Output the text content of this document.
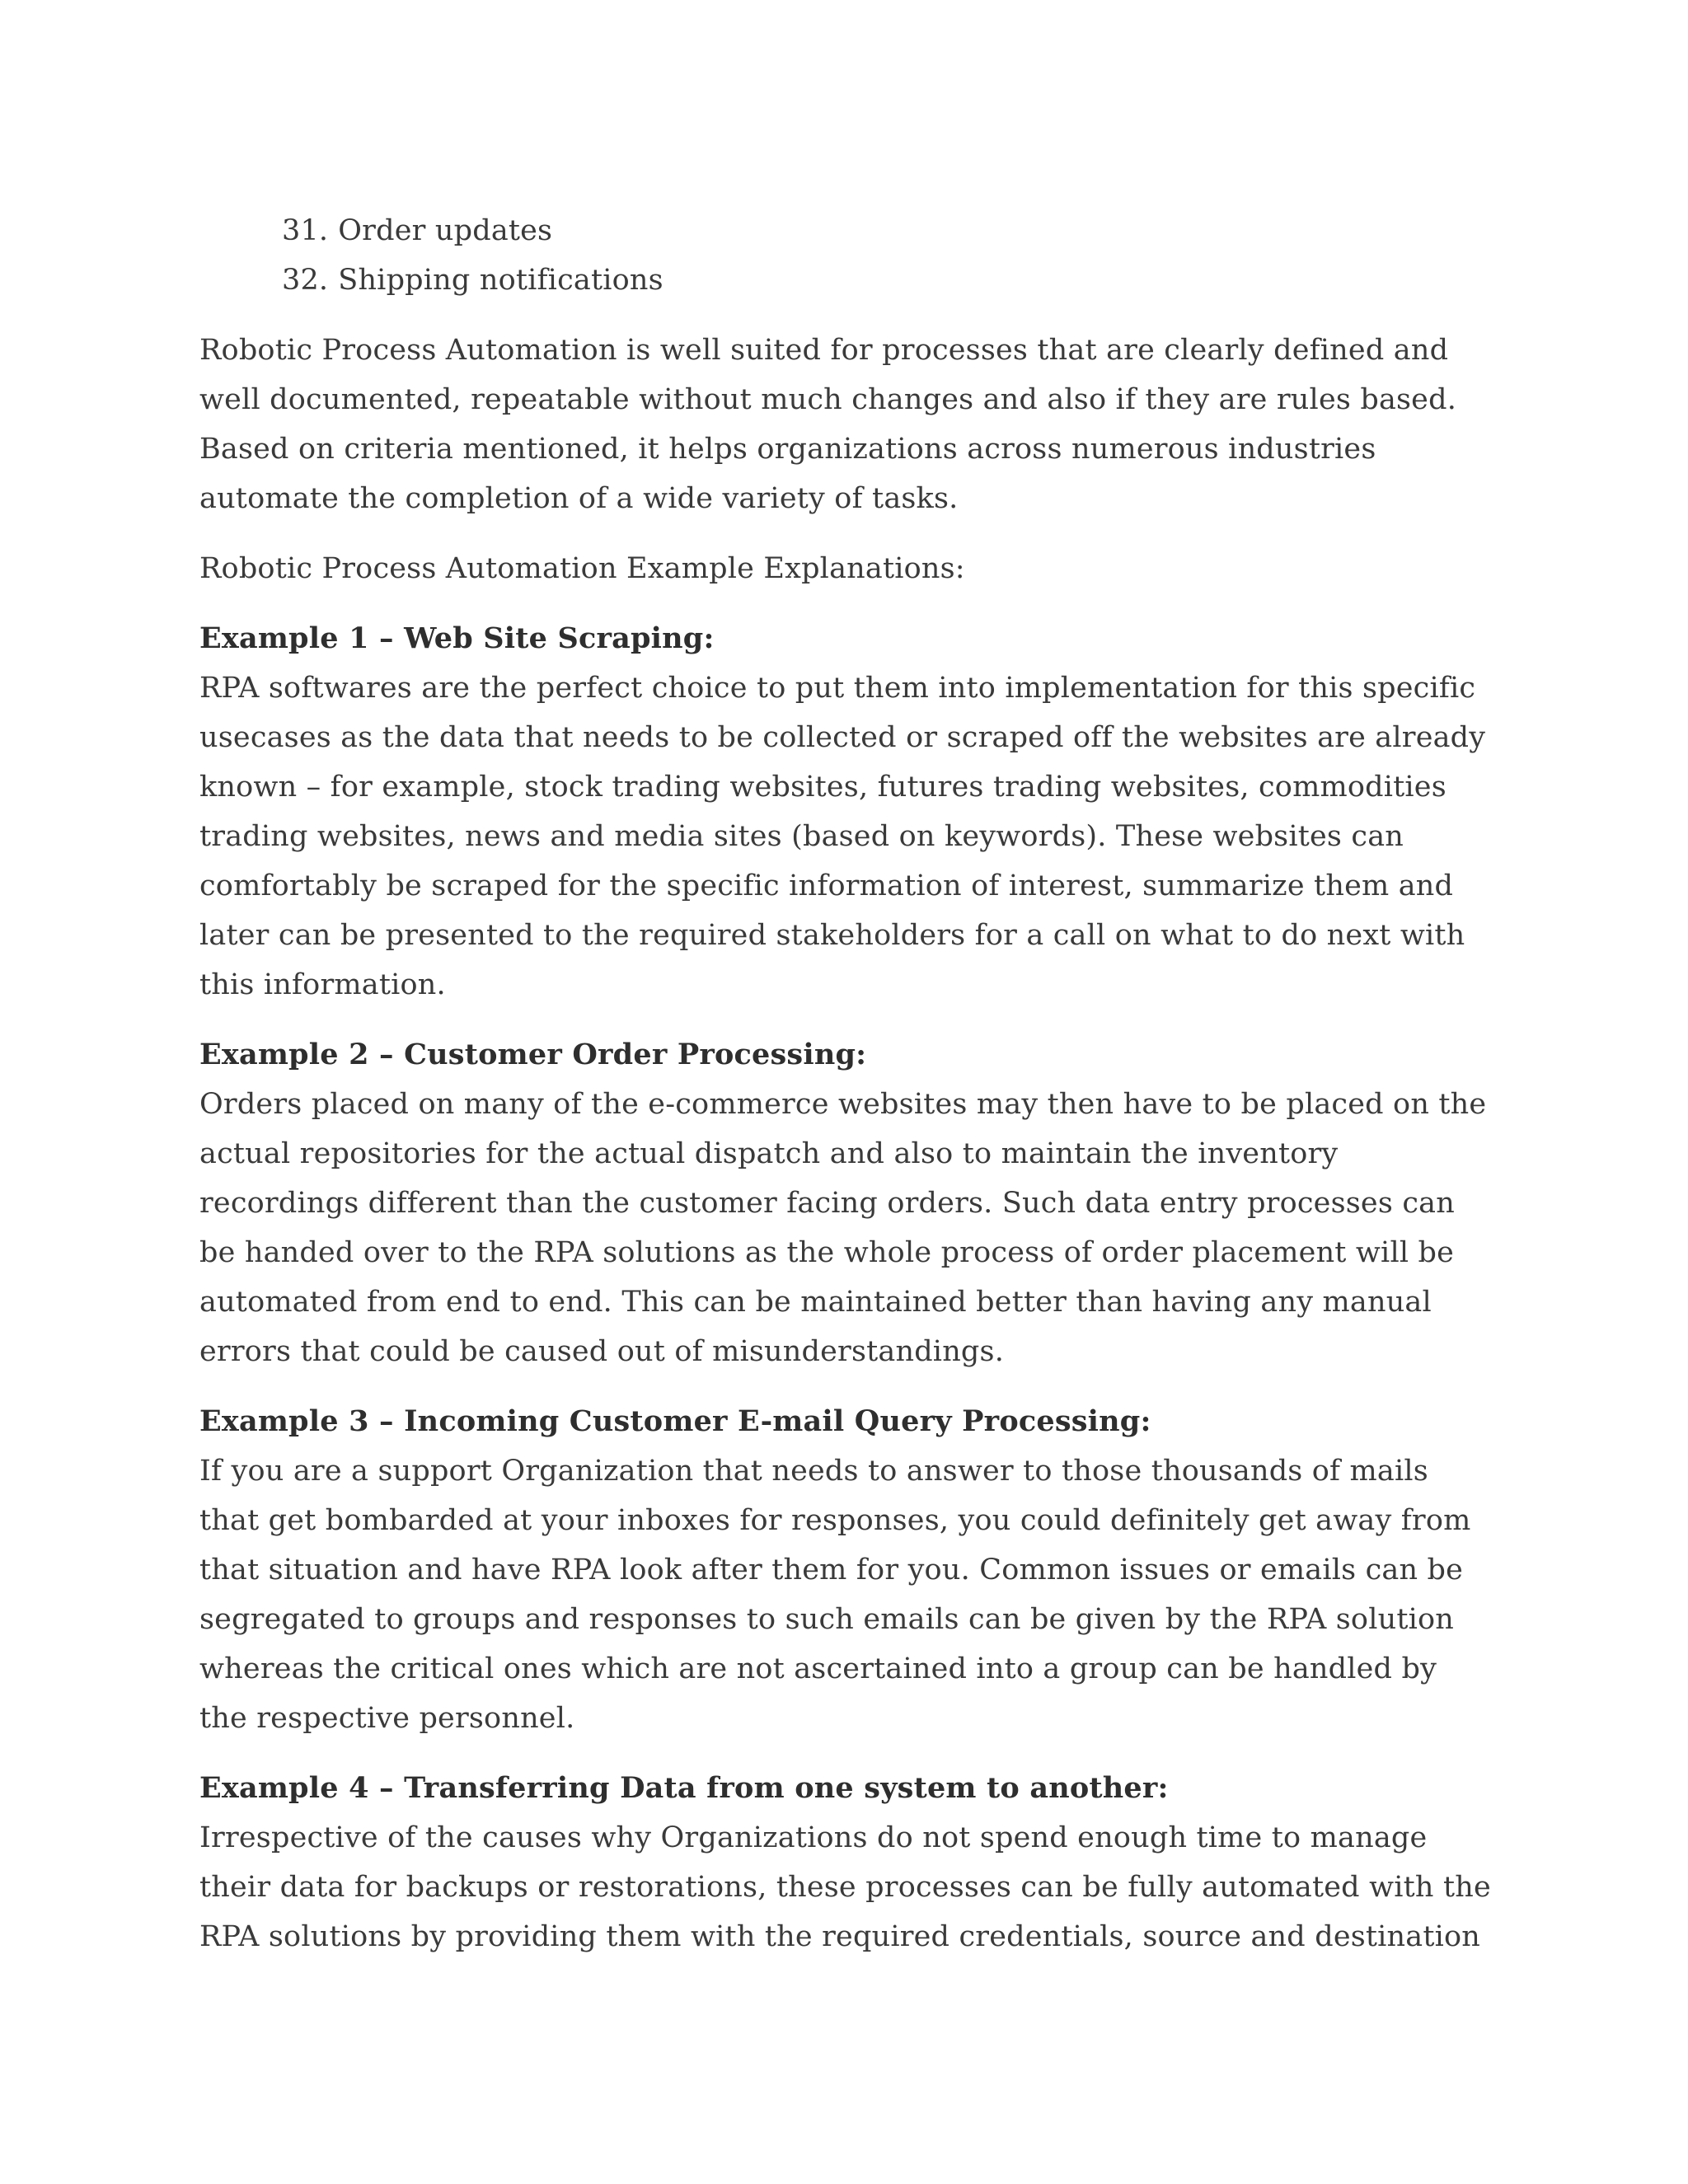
31. Order updates
32. Shipping notifications

Robotic Process Automation is well suited for processes that are clearly defined and well documented, repeatable without much changes and also if they are rules based. Based on criteria mentioned, it helps organizations across numerous industries automate the completion of a wide variety of tasks.

Robotic Process Automation Example Explanations:

Example 1 – Web Site Scraping:

RPA softwares are the perfect choice to put them into implementation for this specific usecases as the data that needs to be collected or scraped off the websites are already known – for example, stock trading websites, futures trading websites, commodities trading websites, news and media sites (based on keywords). These websites can comfortably be scraped for the specific information of interest, summarize them and later can be presented to the required stakeholders for a call on what to do next with this information.

Example 2 – Customer Order Processing:

Orders placed on many of the e-commerce websites may then have to be placed on the actual repositories for the actual dispatch and also to maintain the inventory recordings different than the customer facing orders. Such data entry processes can be handed over to the RPA solutions as the whole process of order placement will be automated from end to end. This can be maintained better than having any manual errors that could be caused out of misunderstandings.

Example 3 – Incoming Customer E-mail Query Processing:

If you are a support Organization that needs to answer to those thousands of mails that get bombarded at your inboxes for responses, you could definitely get away from that situation and have RPA look after them for you. Common issues or emails can be segregated to groups and responses to such emails can be given by the RPA solution whereas the critical ones which are not ascertained into a group can be handled by the respective personnel.

Example 4 – Transferring Data from one system to another:

Irrespective of the causes why Organizations do not spend enough time to manage their data for backups or restorations, these processes can be fully automated with the RPA solutions by providing them with the required credentials, source and destination
